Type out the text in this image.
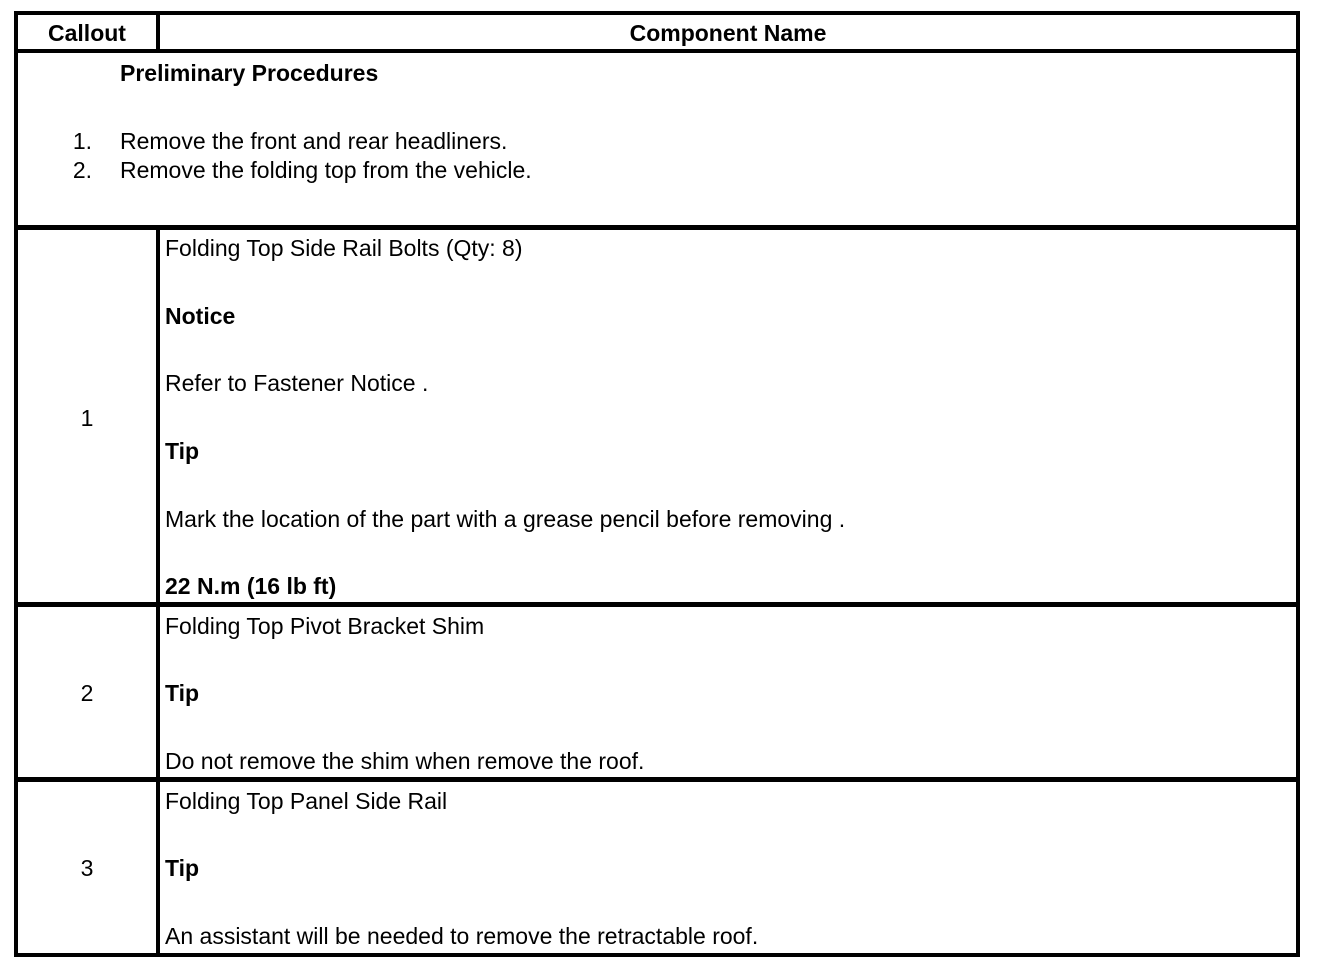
Callout	Component Name
Preliminary Procedures
1. Remove the front and rear headliners.
2. Remove the folding top from the vehicle.
1
Folding Top Side Rail Bolts (Qty: 8)
Notice
Refer to Fastener Notice .
Tip
Mark the location of the part with a grease pencil before removing .
22 N.m (16 lb ft)
2
Folding Top Pivot Bracket Shim
Tip
Do not remove the shim when remove the roof.
3
Folding Top Panel Side Rail
Tip
An assistant will be needed to remove the retractable roof.
